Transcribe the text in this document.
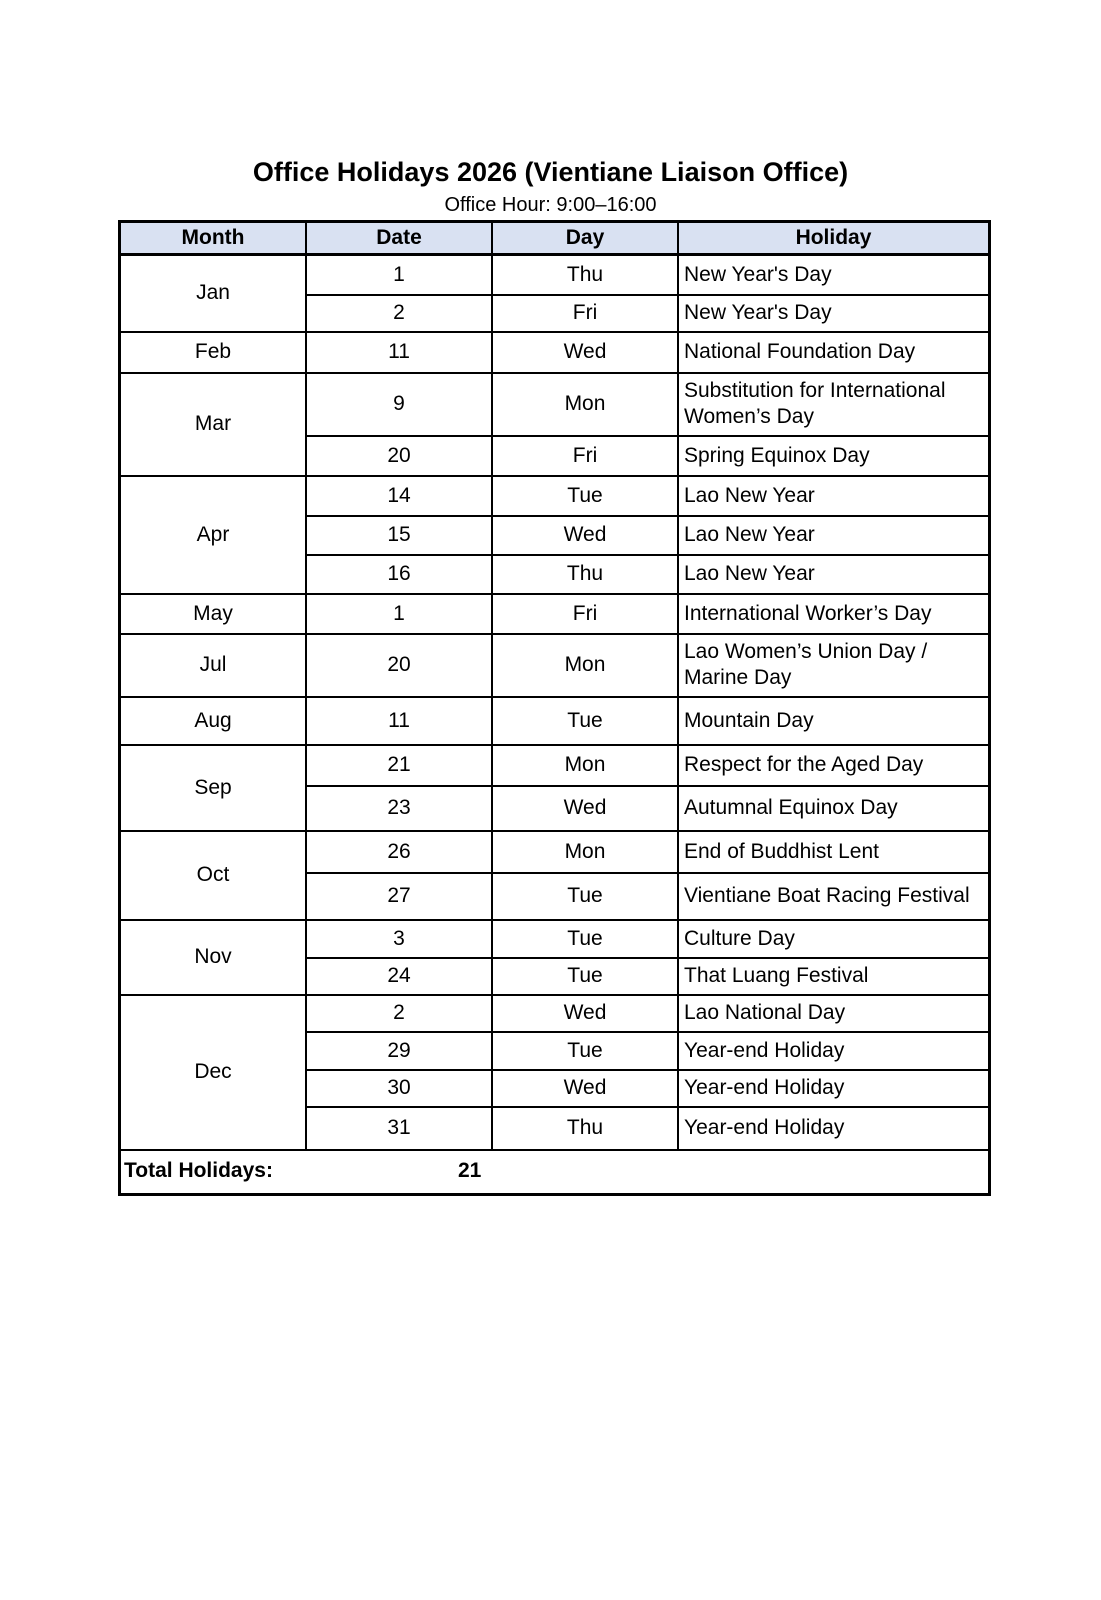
Office Holidays 2026 (Vientiane Liaison Office)
Office Hour: 9:00–16:00
Month	Date	Day	Holiday
Jan	1	Thu	New Year's Day
	2	Fri	New Year's Day
Feb	11	Wed	National Foundation Day
Mar	9	Mon	Substitution for International Women’s Day
	20	Fri	Spring Equinox Day
Apr	14	Tue	Lao New Year
	15	Wed	Lao New Year
	16	Thu	Lao New Year
May	1	Fri	International Worker’s Day
Jul	20	Mon	Lao Women’s Union Day / Marine Day
Aug	11	Tue	Mountain Day
Sep	21	Mon	Respect for the Aged Day
	23	Wed	Autumnal Equinox Day
Oct	26	Mon	End of Buddhist Lent
	27	Tue	Vientiane Boat Racing Festival
Nov	3	Tue	Culture Day
	24	Tue	That Luang Festival
Dec	2	Wed	Lao National Day
	29	Tue	Year-end Holiday
	30	Wed	Year-end Holiday
	31	Thu	Year-end Holiday
Total Holidays:	21
